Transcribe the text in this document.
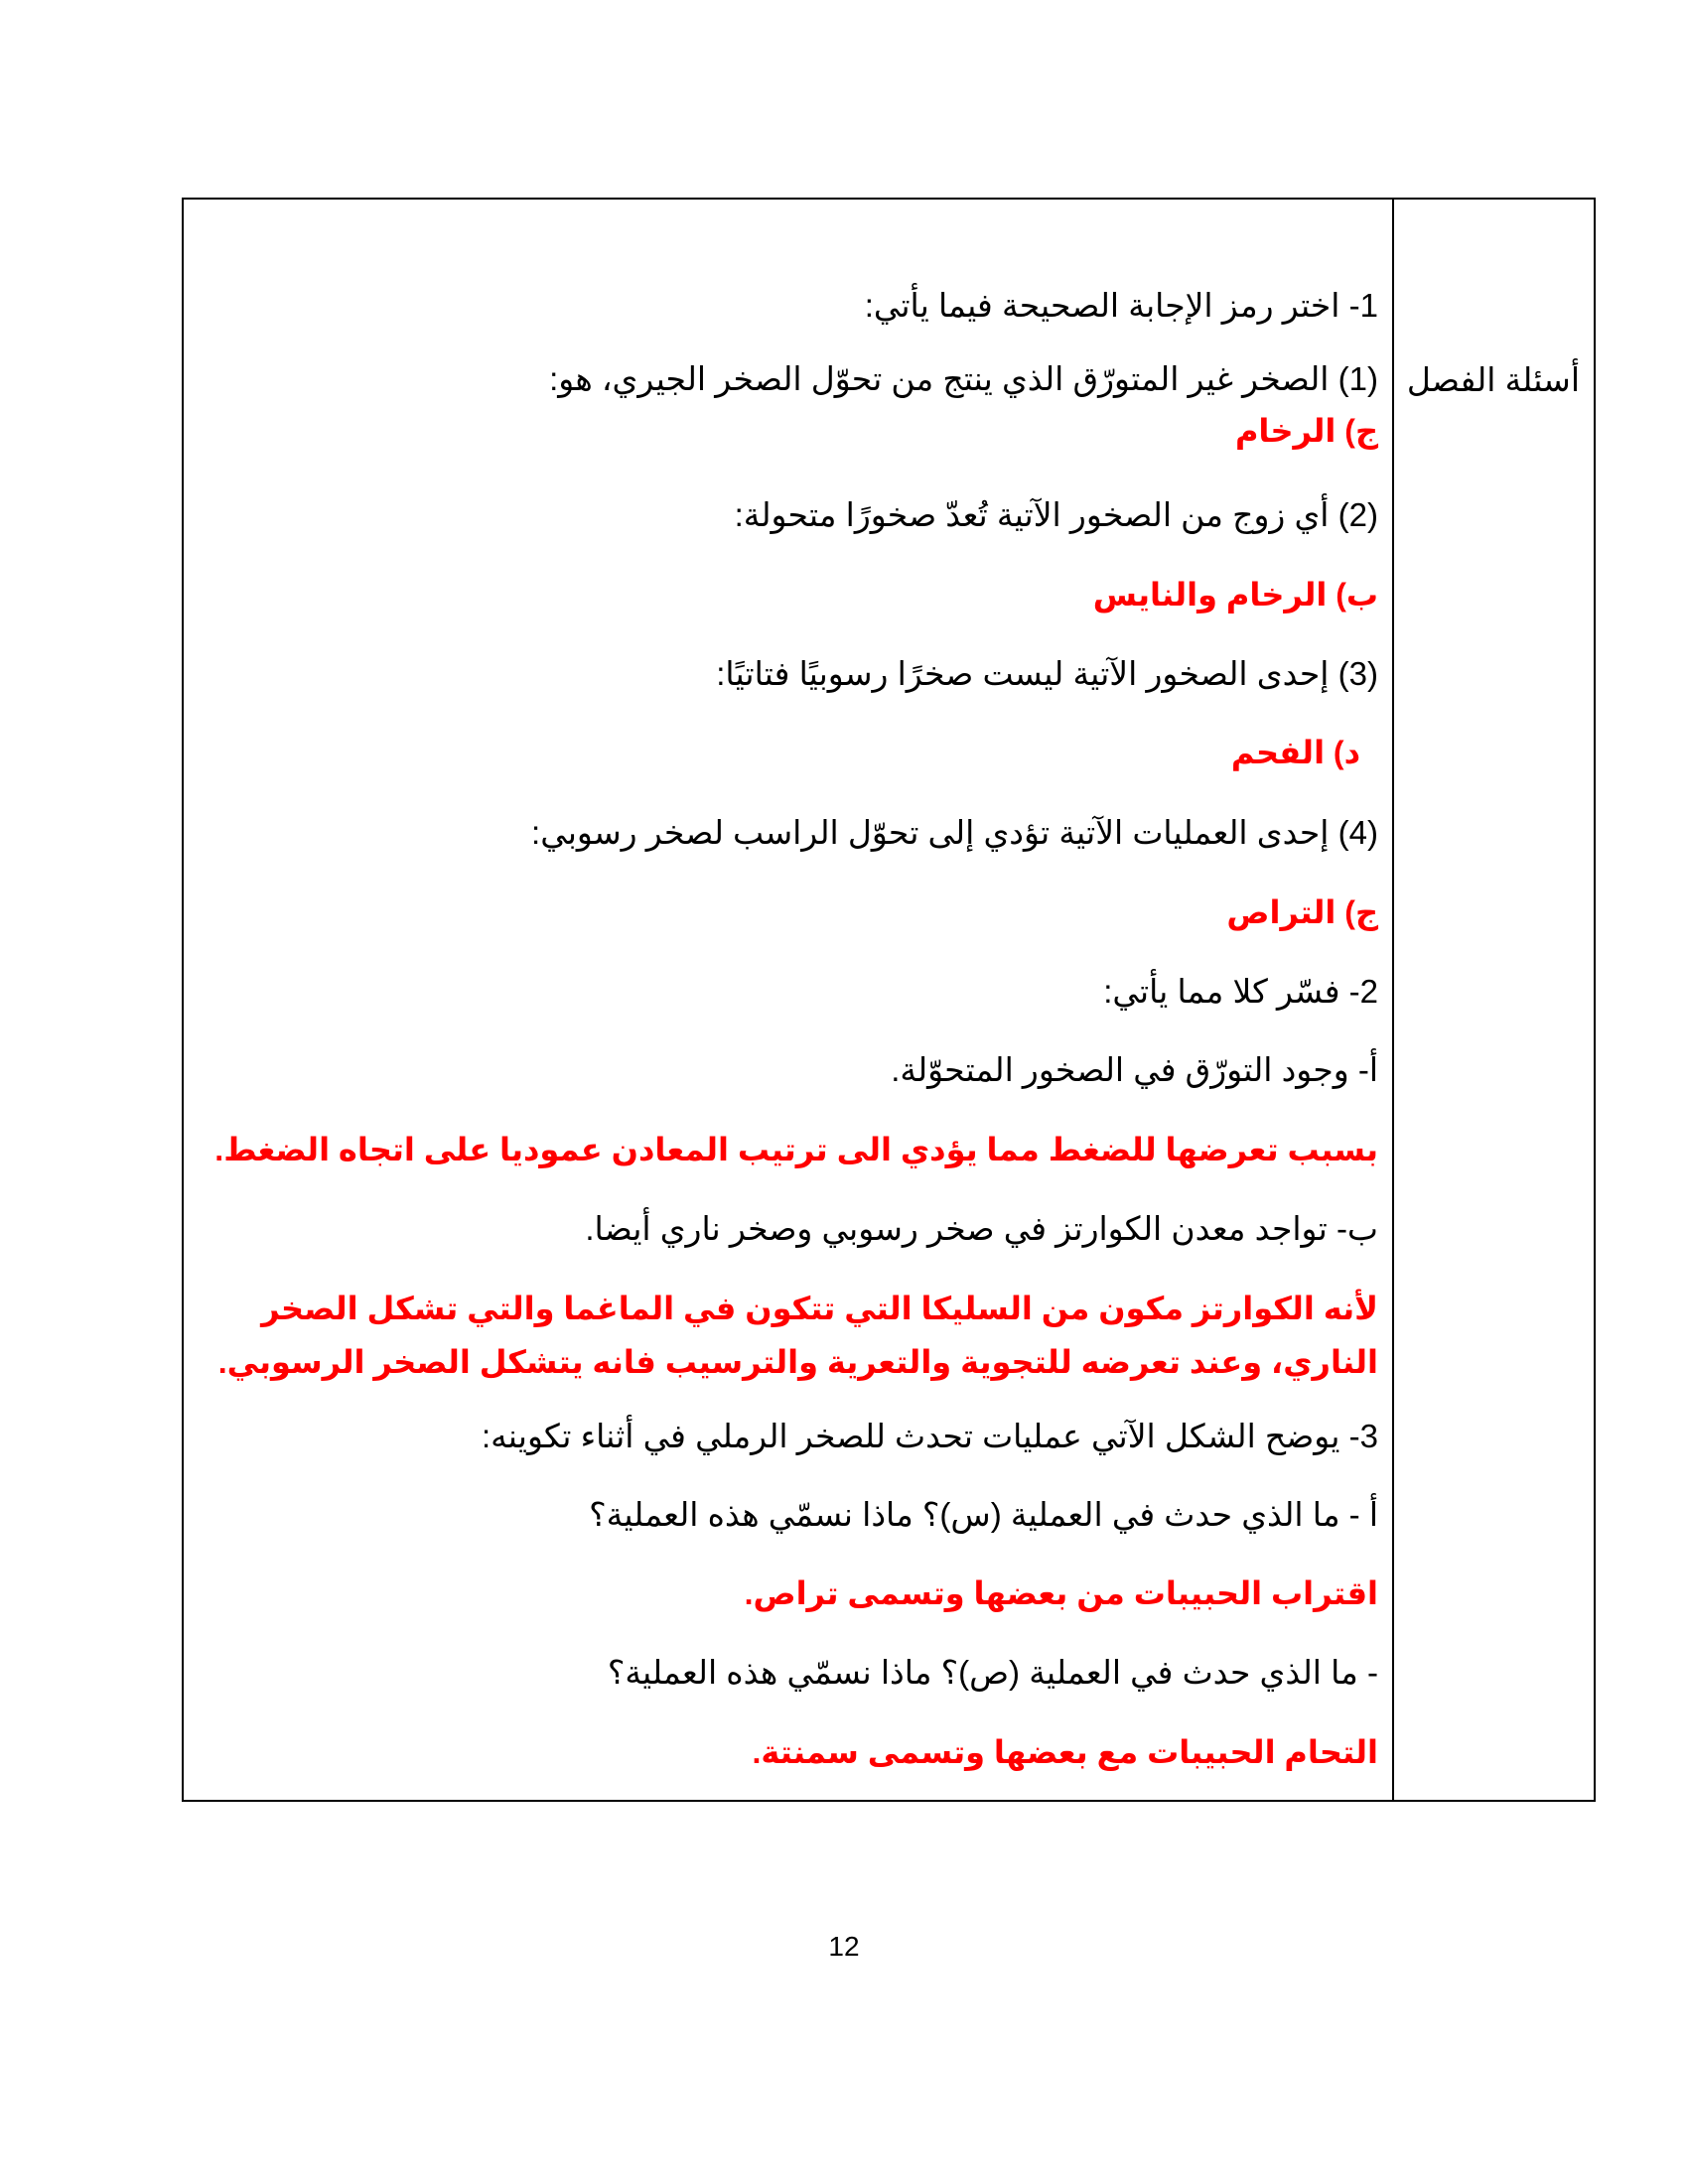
أسئلة الفصل
1- اختر رمز الإجابة الصحيحة فيما يأتي:
(1) الصخر غير المتورّق الذي ينتج من تحوّل الصخر الجيري، هو:
ج) الرخام
(2) أي زوج من الصخور الآتية تُعدّ صخورًا متحولة:
ب) الرخام والنايس
(3) إحدى الصخور الآتية ليست صخرًا رسوبيًا فتاتيًا:
د) الفحم
(4) إحدى العمليات الآتية تؤدي إلى تحوّل الراسب لصخر رسوبي:
ج) التراص
2- فسّر كلا مما يأتي:
أ- وجود التورّق في الصخور المتحوّلة.
بسبب تعرضها للضغط مما يؤدي الى ترتيب المعادن عموديا على اتجاه الضغط.
ب- تواجد معدن الكوارتز في صخر رسوبي وصخر ناري أيضا.
لأنه الكوارتز مكون من السليكا التي تتكون في الماغما والتي تشكل الصخر الناري، وعند تعرضه للتجوية والتعرية والترسيب فانه يتشكل الصخر الرسوبي.
3- يوضح الشكل الآتي عمليات تحدث للصخر الرملي في أثناء تكوينه:
أ - ما الذي حدث في العملية (س)؟ ماذا نسمّي هذه العملية؟
اقتراب الحبيبات من بعضها وتسمى تراص.
- ما الذي حدث في العملية (ص)؟ ماذا نسمّي هذه العملية؟
التحام الحبيبات مع بعضها وتسمى سمنتة.
12
